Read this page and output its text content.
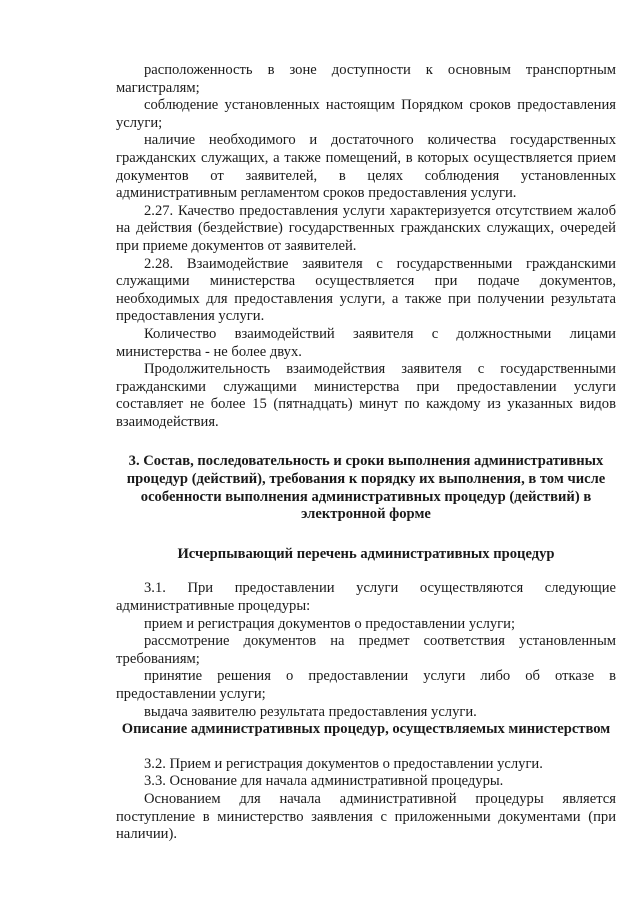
расположенность в зоне доступности к основным транспортным магистралям;

соблюдение установленных настоящим Порядком сроков предоставления услуги;

наличие необходимого и достаточного количества государственных гражданских служащих, а также помещений, в которых осуществляется прием документов от заявителей, в целях соблюдения установленных административным регламентом сроков предоставления услуги.

2.27. Качество предоставления услуги характеризуется отсутствием жалоб на действия (бездействие) государственных гражданских служащих, очередей при приеме документов от заявителей.

2.28. Взаимодействие заявителя с государственными гражданскими служащими министерства осуществляется при подаче документов, необходимых для предоставления услуги, а также при получении результата предоставления услуги.

Количество взаимодействий заявителя с должностными лицами министерства - не более двух.

Продолжительность взаимодействия заявителя с государственными гражданскими служащими министерства при предоставлении услуги составляет не более 15 (пятнадцать) минут по каждому из указанных видов взаимодействия.

3. Состав, последовательность и сроки выполнения административных процедур (действий), требования к порядку их выполнения, в том числе особенности выполнения административных процедур (действий) в электронной форме

Исчерпывающий перечень административных процедур

3.1. При предоставлении услуги осуществляются следующие административные процедуры:

прием и регистрация документов о предоставлении услуги;

рассмотрение документов на предмет соответствия установленным требованиям;

принятие решения о предоставлении услуги либо об отказе в предоставлении услуги;

выдача заявителю результата предоставления услуги.

Описание административных процедур, осуществляемых министерством

3.2. Прием и регистрация документов о предоставлении услуги.

3.3. Основание для начала административной процедуры.

Основанием для начала административной процедуры является поступление в министерство заявления с приложенными документами (при наличии).
